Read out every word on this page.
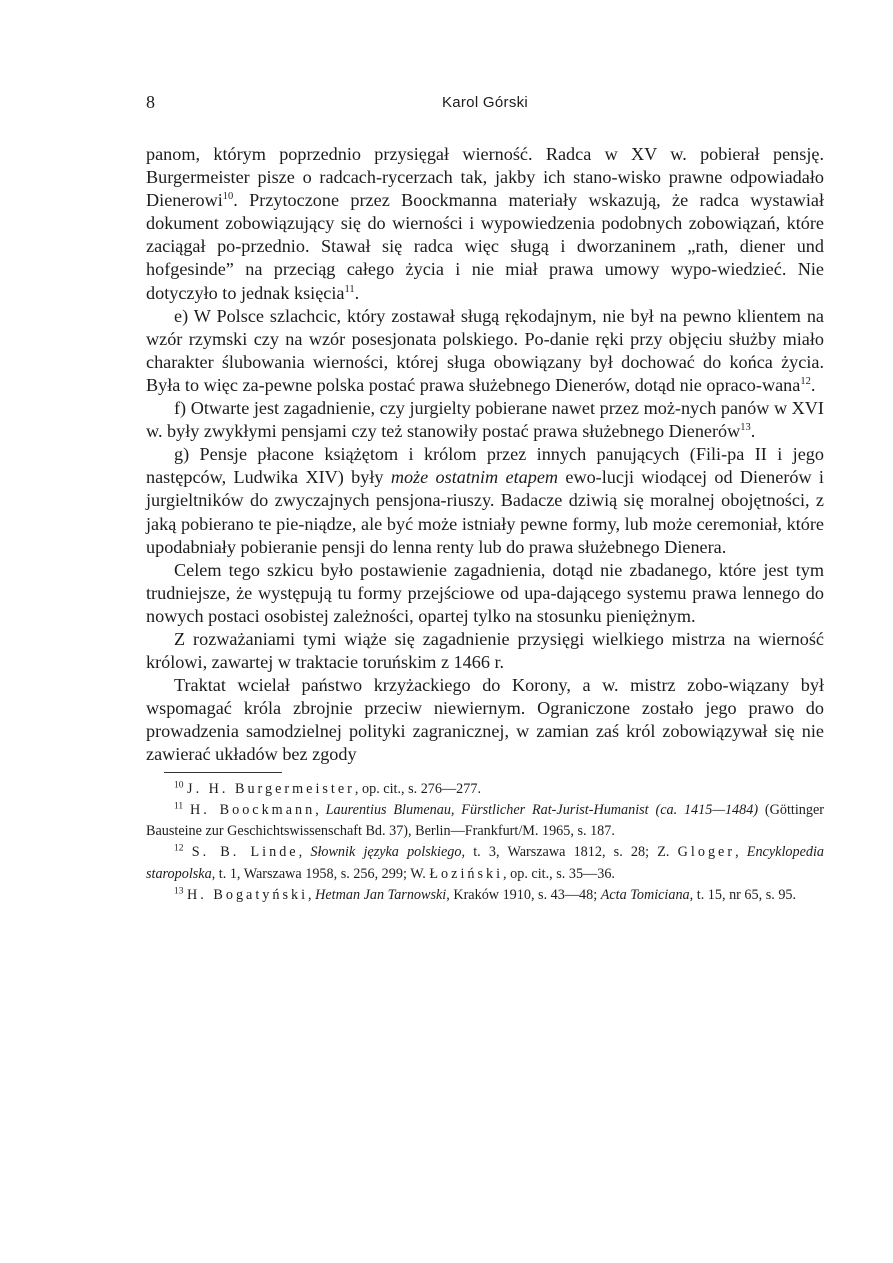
8	Karol Górski

panom, którym poprzednio przysięgał wierność. Radca w XV w. pobierał pensję. Burgermeister pisze o radcach-rycerzach tak, jakby ich stano-wisko prawne odpowiadało Dienerowi$^{10}$. Przytoczone przez Boockmanna materiały wskazują, że radca wystawiał dokument zobowiązujący się do wierności i wypowiedzenia podobnych zobowiązań, które zaciągał po-przednio. Stawał się radca więc sługą i dworzaninem „rath, diener und hofgesinde” na przeciąg całego życia i nie miał prawa umowy wypo-wiedzieć. Nie dotyczyło to jednak księcia$^{11}$.

e) W Polsce szlachcic, który zostawał sługą rękodajnym, nie był na pewno klientem na wzór rzymski czy na wzór posesjonata polskiego. Po-danie ręki przy objęciu służby miało charakter ślubowania wierności, której sługa obowiązany był dochować do końca życia. Była to więc za-pewne polska postać prawa służebnego Dienerów, dotąd nie opraco-wana$^{12}$.

f) Otwarte jest zagadnienie, czy jurgielty pobierane nawet przez moż-nych panów w XVI w. były zwykłymi pensjami czy też stanowiły postać prawa służebnego Dienerów$^{13}$.

g) Pensje płacone książętom i królom przez innych panujących (Fili-pa II i jego następców, Ludwika XIV) były może ostatnim etapem ewo-lucji wiodącej od Dienerów i jurgieltników do zwyczajnych pensjona-riuszy. Badacze dziwią się moralnej obojętności, z jaką pobierano te pie-niądze, ale być może istniały pewne formy, lub może ceremoniał, które upodabniały pobieranie pensji do lenna renty lub do prawa służebnego Dienera.

Celem tego szkicu było postawienie zagadnienia, dotąd nie zbadanego, które jest tym trudniejsze, że występują tu formy przejściowe od upa-dającego systemu prawa lennego do nowych postaci osobistej zależności, opartej tylko na stosunku pieniężnym.

Z rozważaniami tymi wiąże się zagadnienie przysięgi wielkiego mistrza na wierność królowi, zawartej w traktacie toruńskim z 1466 r.

Traktat wcielał państwo krzyżackiego do Korony, a w. mistrz zobo-wiązany był wspomagać króla zbrojnie przeciw niewiernym. Ograniczone zostało jego prawo do prowadzenia samodzielnej polityki zagranicznej, w zamian zaś król zobowiązywał się nie zawierać układów bez zgody

$^{10}$ J. H. Burgermeister, op. cit., s. 276—277.

$^{11}$ H. Boockmann, Laurentius Blumenau, Fürstlicher Rat-Jurist-Humanist (ca. 1415—1484) (Göttinger Bausteine zur Geschichtswissenschaft Bd. 37), Berlin—Frankfurt/M. 1965, s. 187.

$^{12}$ S. B. Linde, Słownik języka polskiego, t. 3, Warszawa 1812, s. 28; Z. Gloger, Encyklopedia staropolska, t. 1, Warszawa 1958, s. 256, 299; W. Łoziński, op. cit., s. 35—36.

$^{13}$ H. Bogatyński, Hetman Jan Tarnowski, Kraków 1910, s. 43—48; Acta Tomiciana, t. 15, nr 65, s. 95.
